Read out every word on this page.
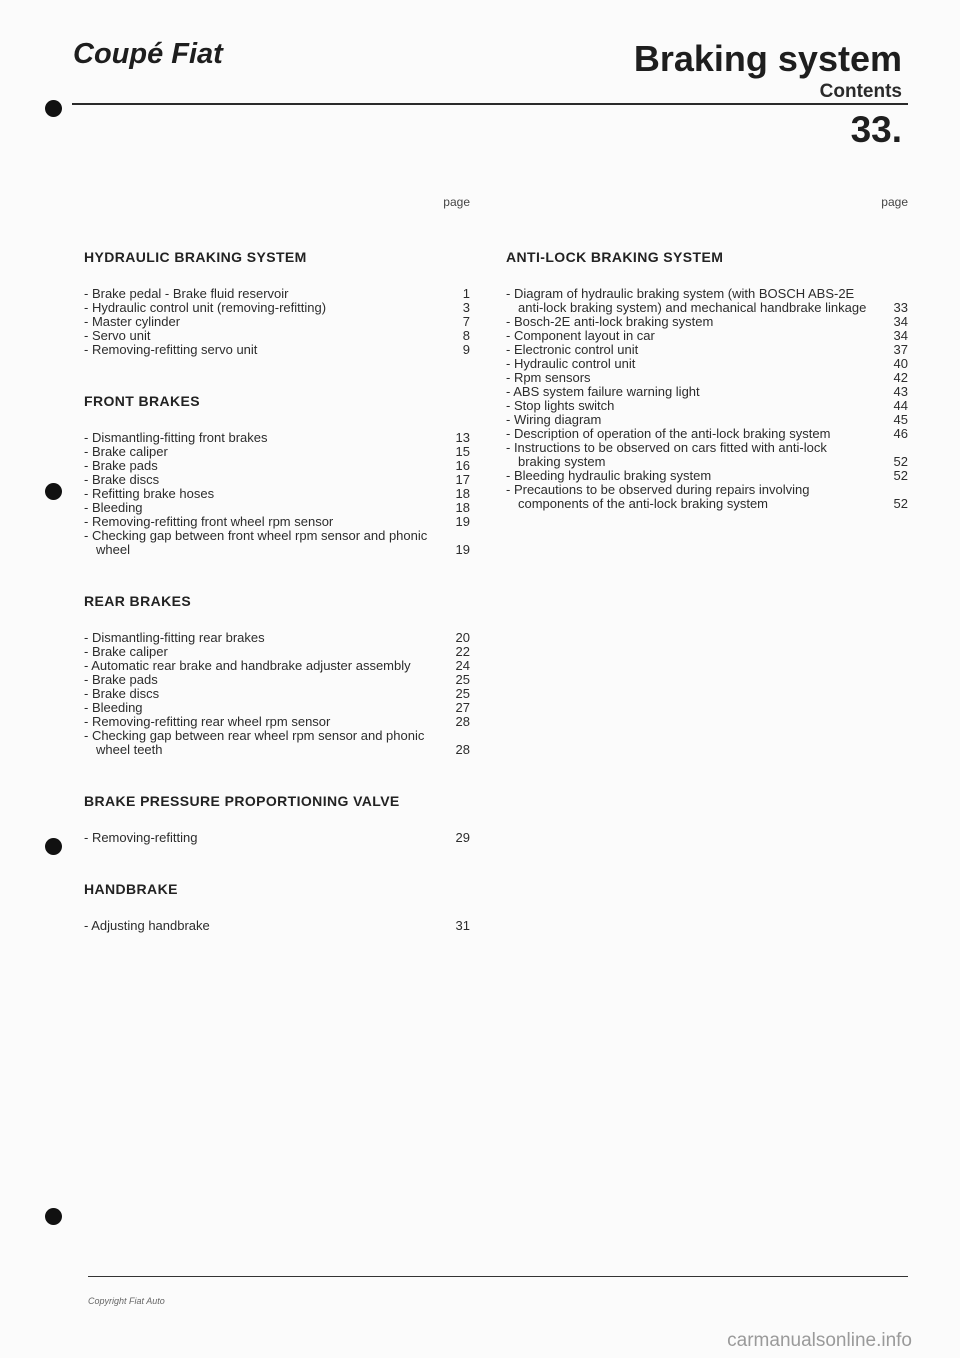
Coupé Fiat	Braking system
Contents
33.
page
HYDRAULIC BRAKING SYSTEM
- Brake pedal - Brake fluid reservoir	1
- Hydraulic control unit (removing-refitting)	3
- Master cylinder	7
- Servo unit	8
- Removing-refitting servo unit	9
FRONT BRAKES
- Dismantling-fitting front brakes	13
- Brake caliper	15
- Brake pads	16
- Brake discs	17
- Refitting brake hoses	18
- Bleeding	18
- Removing-refitting front wheel rpm sensor	19
- Checking gap between front wheel rpm sensor and phonic wheel	19
REAR BRAKES
- Dismantling-fitting rear brakes	20
- Brake caliper	22
- Automatic rear brake and handbrake adjuster assembly	24
- Brake pads	25
- Brake discs	25
- Bleeding	27
- Removing-refitting rear wheel rpm sensor	28
- Checking gap between rear wheel rpm sensor and phonic wheel teeth	28
BRAKE PRESSURE PROPORTIONING VALVE
- Removing-refitting	29
HANDBRAKE
- Adjusting handbrake	31
page
ANTI-LOCK BRAKING SYSTEM
- Diagram of hydraulic braking system (with BOSCH ABS-2E anti-lock braking system) and mechanical handbrake linkage	33
- Bosch-2E anti-lock braking system	34
- Component layout in car	34
- Electronic control unit	37
- Hydraulic control unit	40
- Rpm sensors	42
- ABS system failure warning light	43
- Stop lights switch	44
- Wiring diagram	45
- Description of operation of the anti-lock braking system	46
- Instructions to be observed on cars fitted with anti-lock braking system	52
- Bleeding hydraulic braking system	52
- Precautions to be observed during repairs involving components of the anti-lock braking system	52
Copyright Fiat Auto
carmanualsonline.info
